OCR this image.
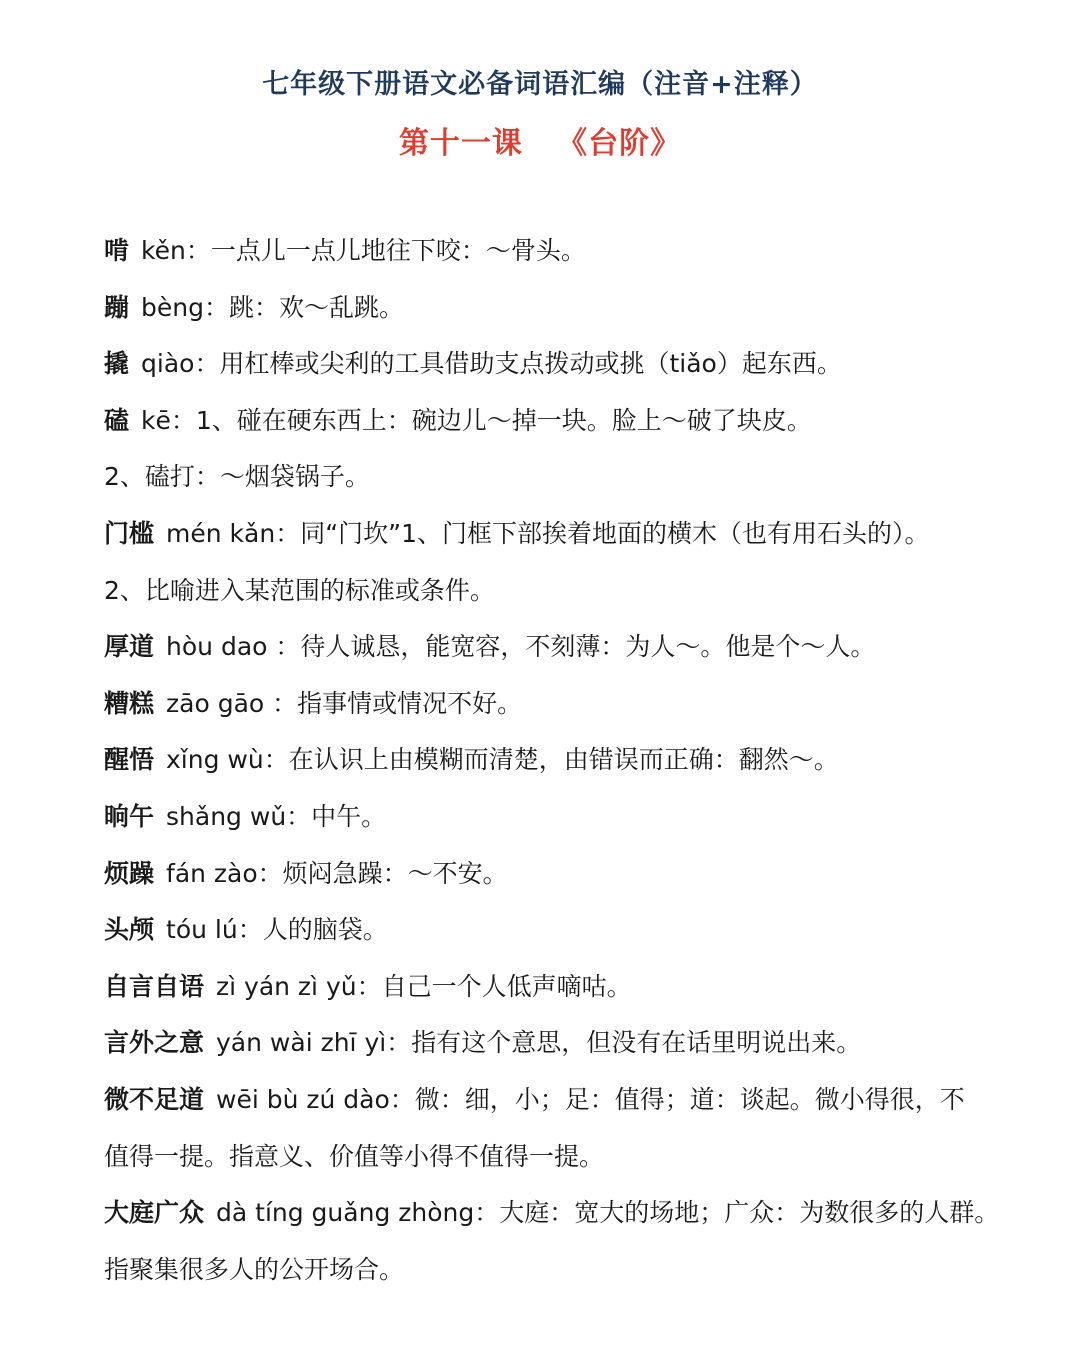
七年级下册语文必备词语汇编（注音+注释）
第十一课   《台阶》
啃 kěn：一点儿一点儿地往下咬：～骨头。
蹦 bèng：跳：欢～乱跳。
撬 qiào：用杠棒或尖利的工具借助支点拨动或挑（tiǎo）起东西。
磕 kē：1、碰在硬东西上：碗边儿～掉一块。脸上～破了块皮。
2、磕打：～烟袋锅子。
门槛 mén kǎn：同“门坎”1、门框下部挨着地面的横木（也有用石头的）。
2、比喻进入某范围的标准或条件。
厚道 hòu dao ：待人诚恳，能宽容，不刻薄：为人～。他是个～人。
糟糕 zāo gāo ：指事情或情况不好。
醒悟 xǐng wù：在认识上由模糊而清楚，由错误而正确：翻然～。
晌午 shǎng wǔ：中午。
烦躁 fán zào：烦闷急躁：～不安。
头颅 tóu lú：人的脑袋。
自言自语 zì yán zì yǔ：自己一个人低声嘀咕。
言外之意 yán wài zhī yì：指有这个意思，但没有在话里明说出来。
微不足道 wēi bù zú dào：微：细，小；足：值得；道：谈起。微小得很，不
值得一提。指意义、价值等小得不值得一提。
大庭广众 dà tíng guǎng zhòng：大庭：宽大的场地；广众：为数很多的人群。
指聚集很多人的公开场合。
